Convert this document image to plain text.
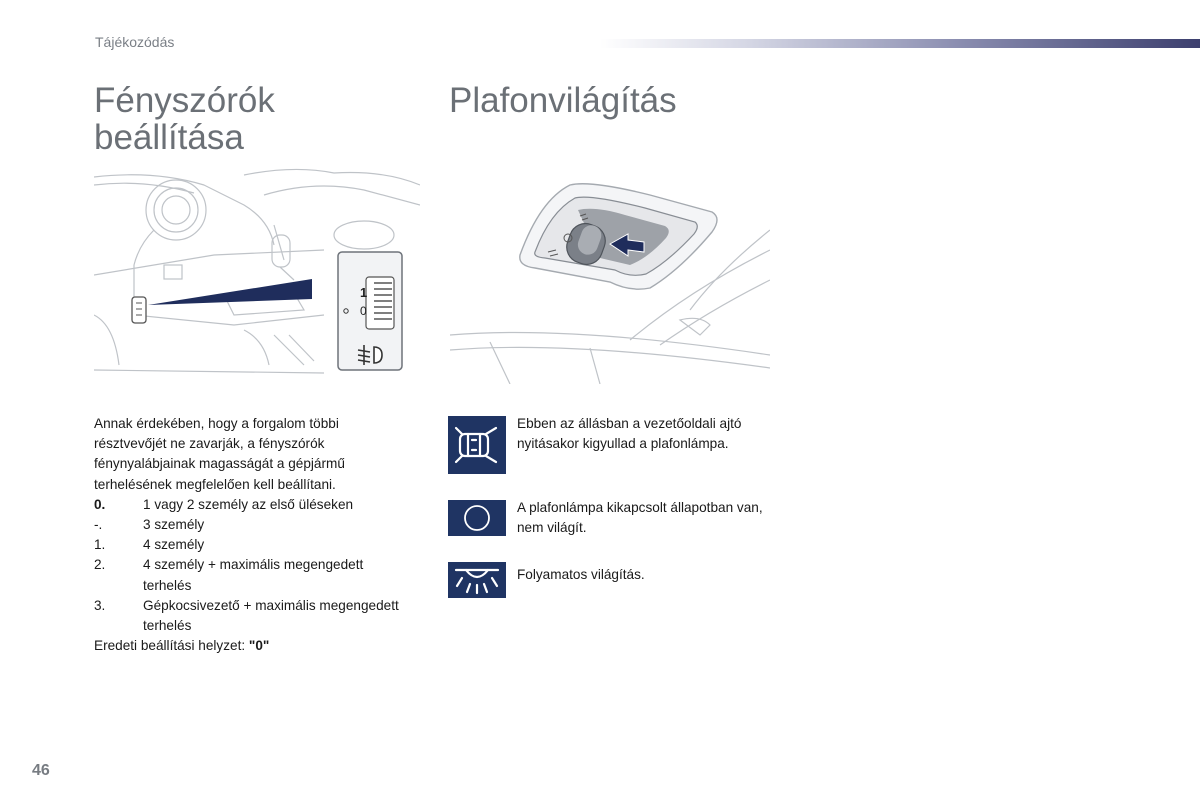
Tájékozódás
Fényszórók beállítása
Plafonvilágítás
1
0

Annak érdekében, hogy a forgalom többi résztvevőjét ne zavarják, a fényszórók fénynyalábjainak magasságát a gépjármű terhelésének megfelelően kell beállítani.

0.	1 vagy 2 személy az első üléseken
-.	3 személy
1.	4 személy
2.	4 személy + maximális megengedett terhelés
3.	Gépkocsivezető + maximális megengedett terhelés

Eredeti beállítási helyzet: "0"

Ebben az állásban a vezetőoldali ajtó nyitásakor kigyullad a plafonlámpa.
A plafonlámpa kikapcsolt állapotban van, nem világít.
Folyamatos világítás.
46
